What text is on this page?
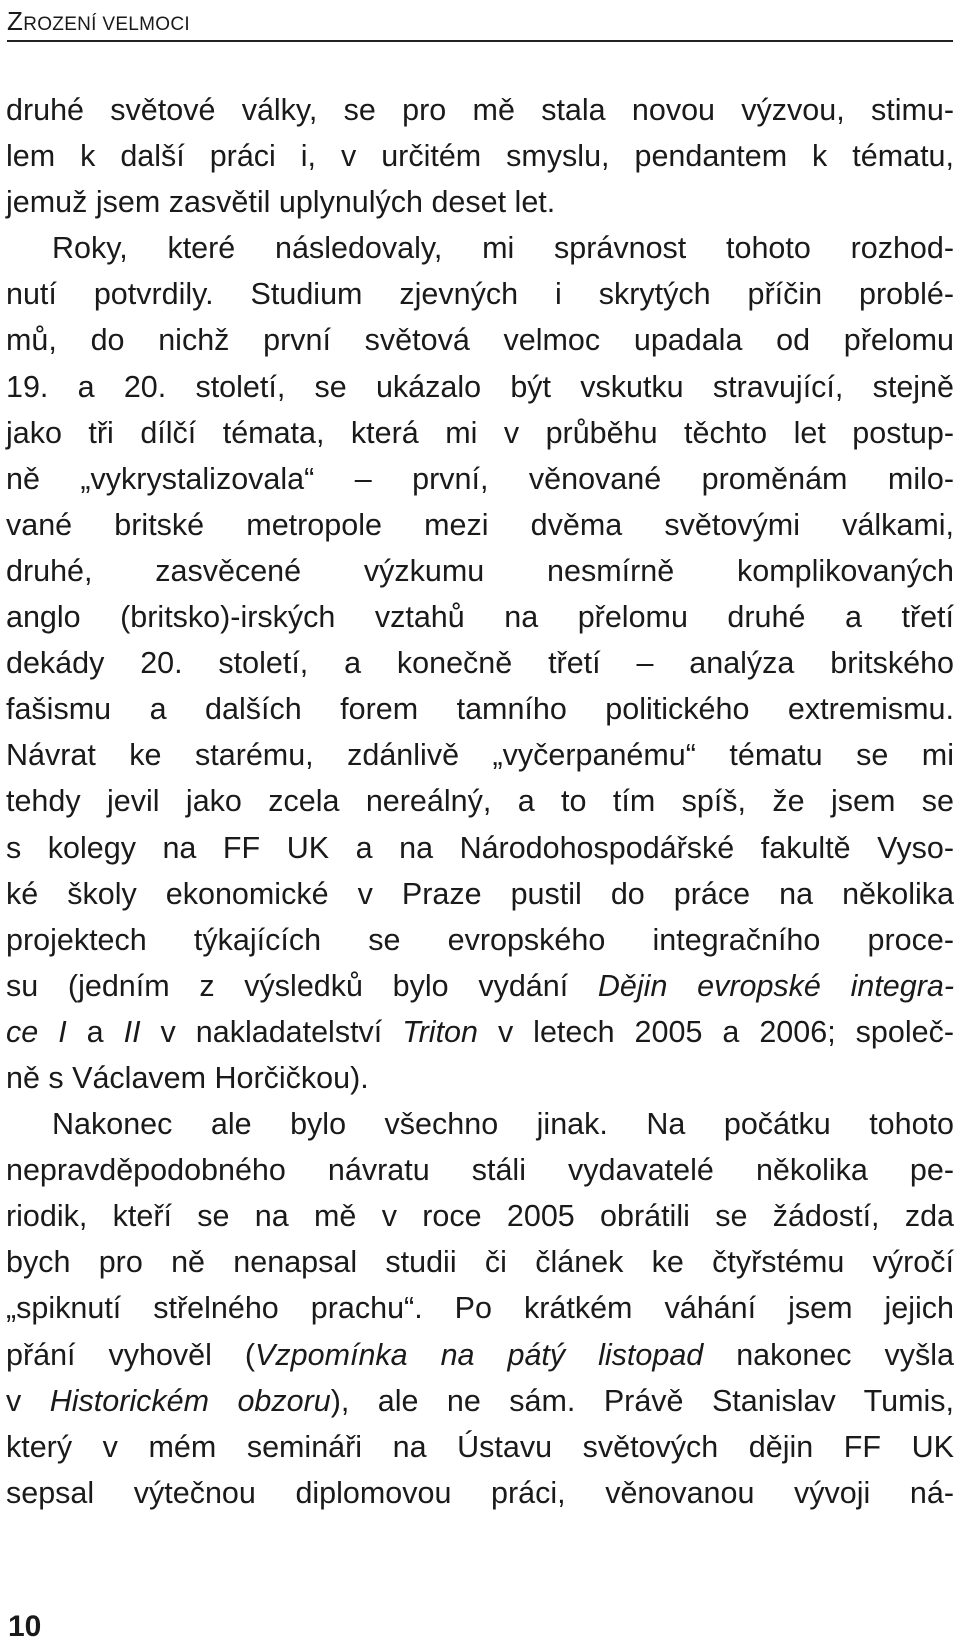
ZROZENÍ VELMOCI
druhé světové války, se pro mě stala novou výzvou, stimu-
lem k další práci i, v určitém smyslu, pendantem k tématu,
jemuž jsem zasvětil uplynulých deset let.
Roky, které následovaly, mi správnost tohoto rozhod-
nutí potvrdily. Studium zjevných i skrytých příčin problé-
mů, do nichž první světová velmoc upadala od přelomu
19. a 20. století, se ukázalo být vskutku stravující, stejně
jako tři dílčí témata, která mi v průběhu těchto let postup-
ně „vykrystalizovala“ – první, věnované proměnám milo-
vané britské metropole mezi dvěma světovými válkami,
druhé, zasvěcené výzkumu nesmírně komplikovaných
anglo (britsko)-irských vztahů na přelomu druhé a třetí
dekády 20. století, a konečně třetí – analýza britského
fašismu a dalších forem tamního politického extremismu.
Návrat ke starému, zdánlivě „vyčerpanému“ tématu se mi
tehdy jevil jako zcela nereálný, a to tím spíš, že jsem se
s kolegy na FF UK a na Národohospodářské fakultě Vyso-
ké školy ekonomické v Praze pustil do práce na několika
projektech týkajících se evropského integračního proce-
su (jedním z výsledků bylo vydání Dějin evropské integra-
ce I a II v nakladatelství Triton v letech 2005 a 2006; společ-
ně s Václavem Horčičkou).
Nakonec ale bylo všechno jinak. Na počátku tohoto
nepravděpodobného návratu stáli vydavatelé několika pe-
riodik, kteří se na mě v roce 2005 obrátili se žádostí, zda
bych pro ně nenapsal studii či článek ke čtyřstému výročí
„spiknutí střelného prachu“. Po krátkém váhání jsem jejich
přání vyhověl (Vzpomínka na pátý listopad nakonec vyšla
v Historickém obzoru), ale ne sám. Právě Stanislav Tumis,
který v mém semináři na Ústavu světových dějin FF UK
sepsal výtečnou diplomovou práci, věnovanou vývoji ná-
10
